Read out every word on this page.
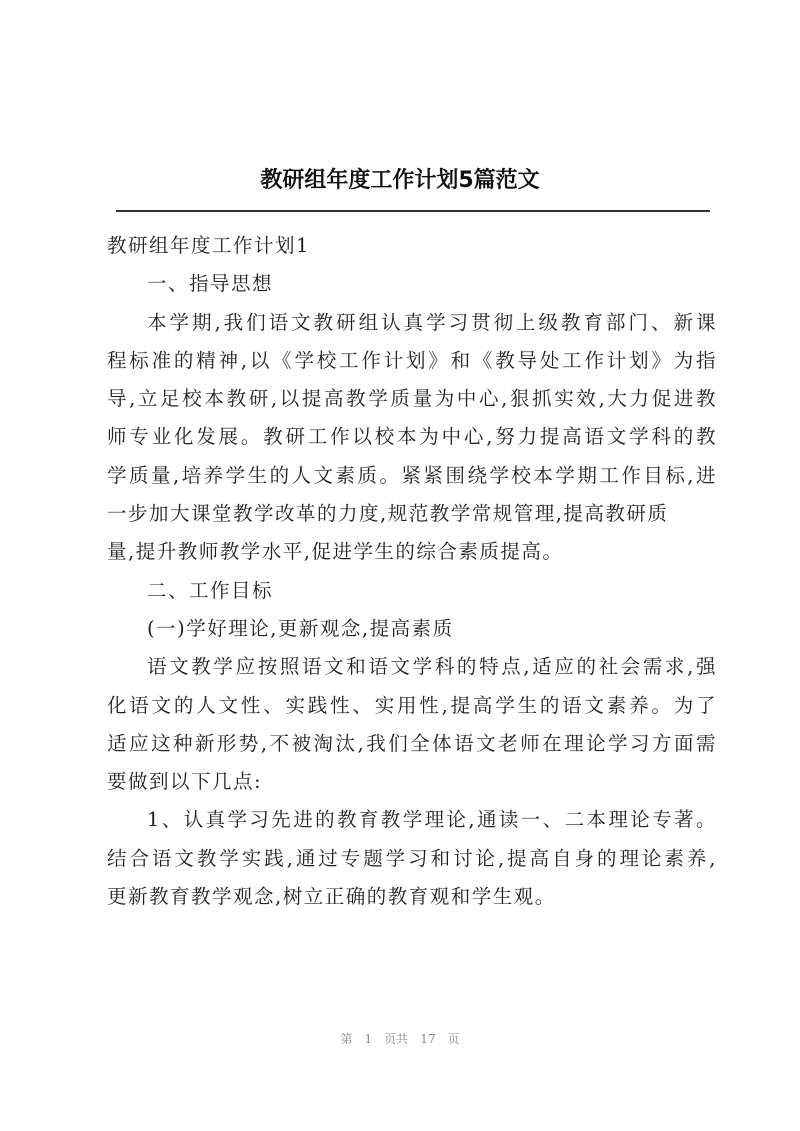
教研组年度工作计划5篇范文
教研组年度工作计划1
一、指导思想
本学期,我们语文教研组认真学习贯彻上级教育部门、新课
程标准的精神,以《学校工作计划》和《教导处工作计划》为指
导,立足校本教研,以提高教学质量为中心,狠抓实效,大力促进教
师专业化发展。教研工作以校本为中心,努力提高语文学科的教
学质量,培养学生的人文素质。紧紧围绕学校本学期工作目标,进
一步加大课堂教学改革的力度,规范教学常规管理,提高教研质
量,提升教师教学水平,促进学生的综合素质提高。
二、工作目标
(一)学好理论,更新观念,提高素质
语文教学应按照语文和语文学科的特点,适应的社会需求,强
化语文的人文性、实践性、实用性,提高学生的语文素养。为了
适应这种新形势,不被淘汰,我们全体语文老师在理论学习方面需
要做到以下几点:
1、认真学习先进的教育教学理论,通读一、二本理论专著。
结合语文教学实践,通过专题学习和讨论,提高自身的理论素养,
更新教育教学观念,树立正确的教育观和学生观。
第 1 页共 17 页
